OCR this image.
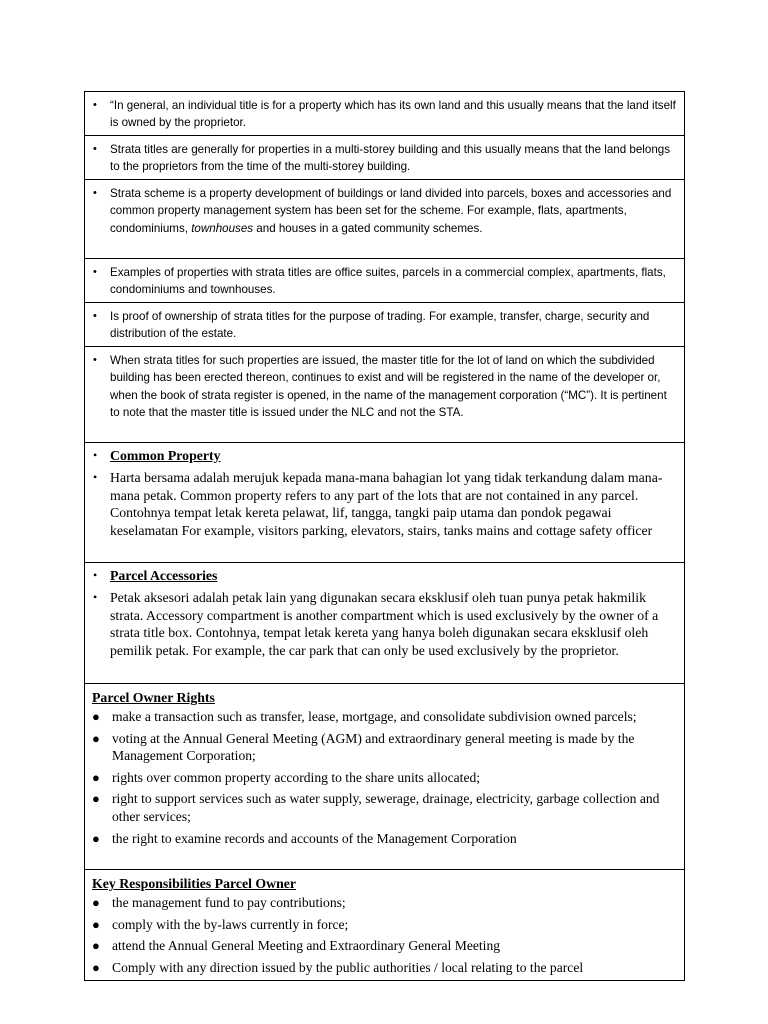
• “In general, an individual title is for a property which has its own land and this usually means that the land itself is owned by the proprietor.

• Strata titles are generally for properties in a multi-storey building and this usually means that the land belongs to the proprietors from the time of the multi-storey building.

• Strata scheme is a property development of buildings or land divided into parcels, boxes and accessories and common property management system has been set for the scheme. For example, flats, apartments, condominiums, townhouses and houses in a gated community schemes.

• Examples of properties with strata titles are office suites, parcels in a commercial complex, apartments, flats, condominiums and townhouses.

• Is proof of ownership of strata titles for the purpose of trading. For example, transfer, charge, security and distribution of the estate.

• When strata titles for such properties are issued, the master title for the lot of land on which the subdivided building has been erected thereon, continues to exist and will be registered in the name of the developer or, when the book of strata register is opened, in the name of the management corporation (“MC”). It is pertinent to note that the master title is issued under the NLC and not the STA.

• Common Property
• Harta bersama adalah merujuk kepada mana-mana bahagian lot yang tidak terkandung dalam mana-mana petak. Common property refers to any part of the lots that are not contained in any parcel. Contohnya tempat letak kereta pelawat, lif, tangga, tangki paip utama dan pondok pegawai keselamatan For example, visitors parking, elevators, stairs, tanks mains and cottage safety officer

• Parcel Accessories
• Petak aksesori adalah petak lain yang digunakan secara eksklusif oleh tuan punya petak hakmilik strata. Accessory compartment is another compartment which is used exclusively by the owner of a strata title box. Contohnya, tempat letak kereta yang hanya boleh digunakan secara eksklusif oleh pemilik petak. For example, the car park that can only be used exclusively by the proprietor.

Parcel Owner Rights
● make a transaction such as transfer, lease, mortgage, and consolidate subdivision owned parcels;
● voting at the Annual General Meeting (AGM) and extraordinary general meeting is made by the Management Corporation;
● rights over common property according to the share units allocated;
● right to support services such as water supply, sewerage, drainage, electricity, garbage collection and other services;
● the right to examine records and accounts of the Management Corporation

Key Responsibilities Parcel Owner
● the management fund to pay contributions;
● comply with the by-laws currently in force;
● attend the Annual General Meeting and Extraordinary General Meeting
● Comply with any direction issued by the public authorities / local relating to the parcel
